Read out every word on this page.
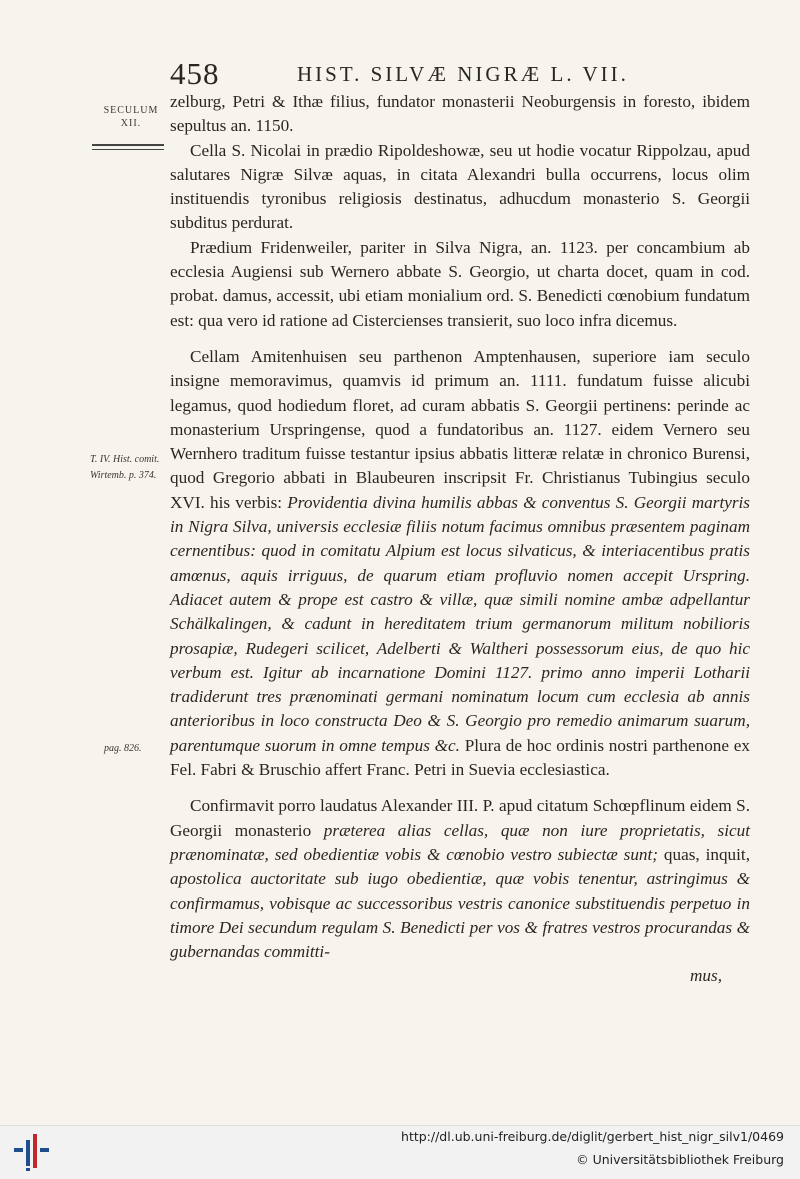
458	HIST. SILVÆ NIGRÆ L. VII.
SECULUM
XII.
T. IV. Hist. comit. Wirtemb. p. 374.
pag. 826.

zelburg, Petri & Ithæ filius, fundator monasterii Neoburgensis in foresto, ibidem sepultus an. 1150.

Cella S. Nicolai in prædio Ripoldeshowæ, seu ut hodie vocatur Rippolzau, apud salutares Nigræ Silvæ aquas, in citata Alexandri bulla occurrens, locus olim instituendis tyronibus religiosis destinatus, adhucdum monasterio S. Georgii subditus perdurat.

Prædium Fridenweiler, pariter in Silva Nigra, an. 1123. per concambium ab ecclesia Augiensi sub Wernero abbate S. Georgio, ut charta docet, quam in cod. probat. damus, accessit, ubi etiam monialium ord. S. Benedicti cœnobium fundatum est: qua vero id ratione ad Cistercienses transierit, suo loco infra dicemus.

Cellam Amitenhuisen seu parthenon Amptenhausen, superiore iam seculo insigne memoravimus, quamvis id primum an. 1111. fundatum fuisse alicubi legamus, quod hodiedum floret, ad curam abbatis S. Georgii pertinens: perinde ac monasterium Urspringense, quod a fundatoribus an. 1127. eidem Vernero seu Wernhero traditum fuisse testantur ipsius abbatis litteræ relatæ in chronico Burensi, quod Gregorio abbati in Blaubeuren inscripsit Fr. Christianus Tubingius seculo XVI. his verbis: Providentia divina humilis abbas & conventus S. Georgii martyris in Nigra Silva, universis ecclesiæ filiis notum facimus omnibus præsentem paginam cernentibus: quod in comitatu Alpium est locus silvaticus, & interiacentibus pratis amœnus, aquis irriguus, de quarum etiam profluvio nomen accepit Urspring. Adiacet autem & prope est castro & villæ, quæ simili nomine ambæ adpellantur Schälkalingen, & cadunt in hereditatem trium germanorum militum nobilioris prosapiæ, Rudegeri scilicet, Adelberti & Waltheri possessorum eius, de quo hic verbum est. Igitur ab incarnatione Domini 1127. primo anno imperii Lotharii tradiderunt tres prænominati germani nominatum locum cum ecclesia ab annis anterioribus in loco constructa Deo & S. Georgio pro remedio animarum suarum, parentumque suorum in omne tempus &c. Plura de hoc ordinis nostri parthenone ex Fel. Fabri & Bruschio affert Franc. Petri in Suevia ecclesiastica.

Confirmavit porro laudatus Alexander III. P. apud citatum Schœpflinum eidem S. Georgii monasterio præterea alias cellas, quæ non iure proprietatis, sicut prænominatæ, sed obedientiæ vobis & cœnobio vestro subiectæ sunt; quas, inquit, apostolica auctoritate sub iugo obedientiæ, quæ vobis tenentur, astringimus & confirmamus, vobisque ac successoribus vestris canonice substituendis perpetuo in timore Dei secundum regulam S. Benedicti per vos & fratres vestros procurandas & gubernandas committi-

mus,
http://dl.ub.uni-freiburg.de/diglit/gerbert_hist_nigr_silv1/0469
© Universitätsbibliothek Freiburg
